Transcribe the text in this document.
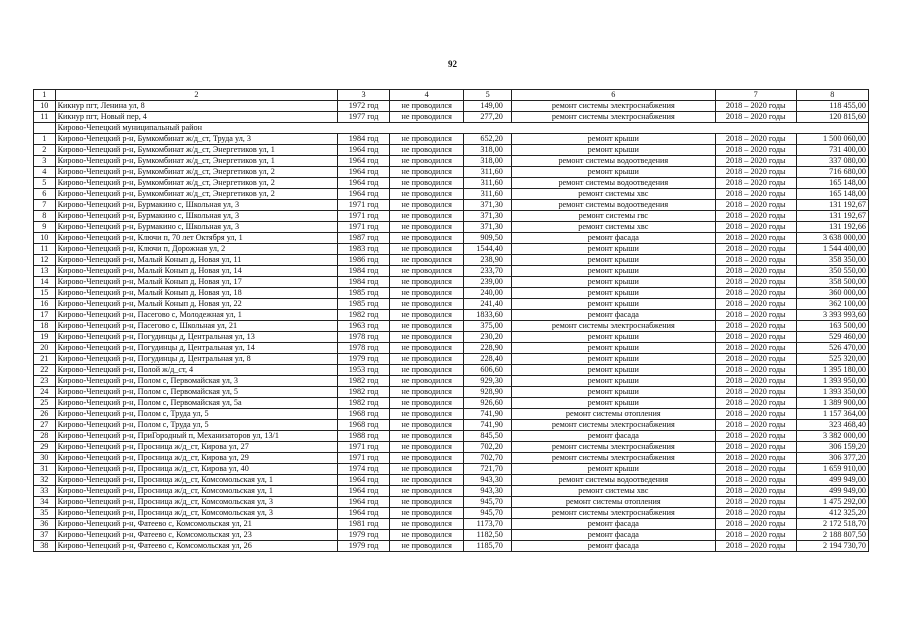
92
1	2	3	4	5	6	7	8
10	Кикнур пгт, Ленина ул, 8	1972 год	не проводился	149,00	ремонт системы электроснабжения	2018 – 2020 годы	118 455,00
11	Кикнур пгт, Новый пер, 4	1977 год	не проводился	277,20	ремонт системы электроснабжения	2018 – 2020 годы	120 815,60
	Кирово-Чепецкий муниципальный район						
1	Кирово-Чепецкий р-н, Бумкомбинат ж/д_ст, Труда ул, 3	1984 год	не проводился	652,20	ремонт крыши	2018 – 2020 годы	1 500 060,00
2	Кирово-Чепецкий р-н, Бумкомбинат ж/д_ст, Энергетиков ул, 1	1964 год	не проводился	318,00	ремонт крыши	2018 – 2020 годы	731 400,00
3	Кирово-Чепецкий р-н, Бумкомбинат ж/д_ст, Энергетиков ул, 1	1964 год	не проводился	318,00	ремонт системы водоотведения	2018 – 2020 годы	337 080,00
4	Кирово-Чепецкий р-н, Бумкомбинат ж/д_ст, Энергетиков ул, 2	1964 год	не проводился	311,60	ремонт крыши	2018 – 2020 годы	716 680,00
5	Кирово-Чепецкий р-н, Бумкомбинат ж/д_ст, Энергетиков ул, 2	1964 год	не проводился	311,60	ремонт системы водоотведения	2018 – 2020 годы	165 148,00
6	Кирово-Чепецкий р-н, Бумкомбинат ж/д_ст, Энергетиков ул, 2	1964 год	не проводился	311,60	ремонт системы хвс	2018 – 2020 годы	165 148,00
7	Кирово-Чепецкий р-н, Бурмакино с, Школьная ул, 3	1971 год	не проводился	371,30	ремонт системы водоотведения	2018 – 2020 годы	131 192,67
8	Кирово-Чепецкий р-н, Бурмакино с, Школьная ул, 3	1971 год	не проводился	371,30	ремонт системы гвс	2018 – 2020 годы	131 192,67
9	Кирово-Чепецкий р-н, Бурмакино с, Школьная ул, 3	1971 год	не проводился	371,30	ремонт системы хвс	2018 – 2020 годы	131 192,66
10	Кирово-Чепецкий р-н, Ключи п, 70 лет Октября ул, 1	1987 год	не проводился	909,50	ремонт фасада	2018 – 2020 годы	3 638 000,00
11	Кирово-Чепецкий р-н, Ключи п, Дорожная ул, 2	1983 год	не проводился	1544,40	ремонт крыши	2018 – 2020 годы	1 544 400,00
12	Кирово-Чепецкий р-н, Малый Конып д, Новая ул, 11	1986 год	не проводился	238,90	ремонт крыши	2018 – 2020 годы	358 350,00
13	Кирово-Чепецкий р-н, Малый Конып д, Новая ул, 14	1984 год	не проводился	233,70	ремонт крыши	2018 – 2020 годы	350 550,00
14	Кирово-Чепецкий р-н, Малый Конып д, Новая ул, 17	1984 год	не проводился	239,00	ремонт крыши	2018 – 2020 годы	358 500,00
15	Кирово-Чепецкий р-н, Малый Конып д, Новая ул, 18	1985 год	не проводился	240,00	ремонт крыши	2018 – 2020 годы	360 000,00
16	Кирово-Чепецкий р-н, Малый Конып д, Новая ул, 22	1985 год	не проводился	241,40	ремонт крыши	2018 – 2020 годы	362 100,00
17	Кирово-Чепецкий р-н, Пасегово с, Молодежная ул, 1	1982 год	не проводился	1833,60	ремонт фасада	2018 – 2020 годы	3 393 993,60
18	Кирово-Чепецкий р-н, Пасегово с, Школьная ул, 21	1963 год	не проводился	375,00	ремонт системы электроснабжения	2018 – 2020 годы	163 500,00
19	Кирово-Чепецкий р-н, Погудинцы д, Центральная ул, 13	1978 год	не проводился	230,20	ремонт крыши	2018 – 2020 годы	529 460,00
20	Кирово-Чепецкий р-н, Погудинцы д, Центральная ул, 14	1978 год	не проводился	228,90	ремонт крыши	2018 – 2020 годы	526 470,00
21	Кирово-Чепецкий р-н, Погудинцы д, Центральная ул, 8	1979 год	не проводился	228,40	ремонт крыши	2018 – 2020 годы	525 320,00
22	Кирово-Чепецкий р-н, Полой ж/д_ст, 4	1953 год	не проводился	606,60	ремонт крыши	2018 – 2020 годы	1 395 180,00
23	Кирово-Чепецкий р-н, Полом с, Первомайская ул, 3	1982 год	не проводился	929,30	ремонт крыши	2018 – 2020 годы	1 393 950,00
24	Кирово-Чепецкий р-н, Полом с, Первомайская ул, 5	1982 год	не проводился	928,90	ремонт крыши	2018 – 2020 годы	1 393 350,00
25	Кирово-Чепецкий р-н, Полом с, Первомайская ул, 5а	1982 год	не проводился	926,60	ремонт крыши	2018 – 2020 годы	1 389 900,00
26	Кирово-Чепецкий р-н, Полом с, Труда ул, 5	1968 год	не проводился	741,90	ремонт системы отопления	2018 – 2020 годы	1 157 364,00
27	Кирово-Чепецкий р-н, Полом с, Труда ул, 5	1968 год	не проводился	741,90	ремонт системы электроснабжения	2018 – 2020 годы	323 468,40
28	Кирово-Чепецкий р-н, ПриГородный п, Механизаторов ул, 13/1	1988 год	не проводился	845,50	ремонт фасада	2018 – 2020 годы	3 382 000,00
29	Кирово-Чепецкий р-н, Просница ж/д_ст, Кирова ул, 27	1971 год	не проводился	702,20	ремонт системы электроснабжения	2018 – 2020 годы	306 159,20
30	Кирово-Чепецкий р-н, Просница ж/д_ст, Кирова ул, 29	1971 год	не проводился	702,70	ремонт системы электроснабжения	2018 – 2020 годы	306 377,20
31	Кирово-Чепецкий р-н, Просница ж/д_ст, Кирова ул, 40	1974 год	не проводился	721,70	ремонт крыши	2018 – 2020 годы	1 659 910,00
32	Кирово-Чепецкий р-н, Просница ж/д_ст, Комсомольская ул, 1	1964 год	не проводился	943,30	ремонт системы водоотведения	2018 – 2020 годы	499 949,00
33	Кирово-Чепецкий р-н, Просница ж/д_ст, Комсомольская ул, 1	1964 год	не проводился	943,30	ремонт системы хвс	2018 – 2020 годы	499 949,00
34	Кирово-Чепецкий р-н, Просница ж/д_ст, Комсомольская ул, 3	1964 год	не проводился	945,70	ремонт системы отопления	2018 – 2020 годы	1 475 292,00
35	Кирово-Чепецкий р-н, Просница ж/д_ст, Комсомольская ул, 3	1964 год	не проводился	945,70	ремонт системы электроснабжения	2018 – 2020 годы	412 325,20
36	Кирово-Чепецкий р-н, Фатеево с, Комсомольская ул, 21	1981 год	не проводился	1173,70	ремонт фасада	2018 – 2020 годы	2 172 518,70
37	Кирово-Чепецкий р-н, Фатеево с, Комсомольская ул, 23	1979 год	не проводился	1182,50	ремонт фасада	2018 – 2020 годы	2 188 807,50
38	Кирово-Чепецкий р-н, Фатеево с, Комсомольская ул, 26	1979 год	не проводился	1185,70	ремонт фасада	2018 – 2020 годы	2 194 730,70
